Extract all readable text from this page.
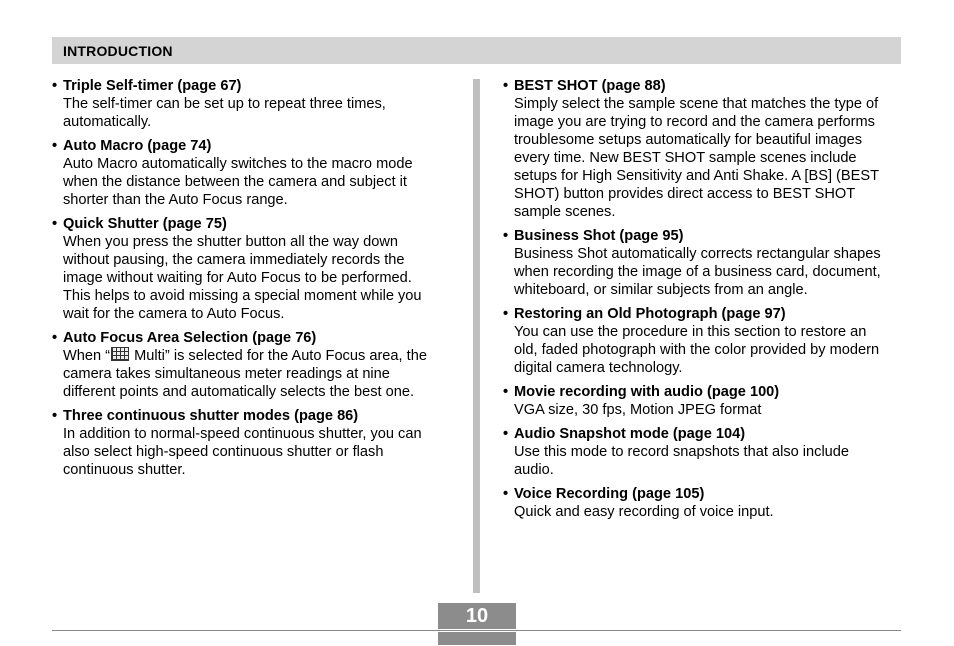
INTRODUCTION
• Triple Self-timer (page 67)
The self-timer can be set up to repeat three times,
automatically.
• Auto Macro (page 74)
Auto Macro automatically switches to the macro mode
when the distance between the camera and subject it
shorter than the Auto Focus range.
• Quick Shutter (page 75)
When you press the shutter button all the way down
without pausing, the camera immediately records the
image without waiting for Auto Focus to be performed.
This helps to avoid missing a special moment while you
wait for the camera to Auto Focus.
• Auto Focus Area Selection (page 76)
When “ Multi” is selected for the Auto Focus area, the
camera takes simultaneous meter readings at nine
different points and automatically selects the best one.
• Three continuous shutter modes (page 86)
In addition to normal-speed continuous shutter, you can
also select high-speed continuous shutter or flash
continuous shutter.
• BEST SHOT (page 88)
Simply select the sample scene that matches the type of
image you are trying to record and the camera performs
troublesome setups automatically for beautiful images
every time. New BEST SHOT sample scenes include
setups for High Sensitivity and Anti Shake. A [BS] (BEST
SHOT) button provides direct access to BEST SHOT
sample scenes.
• Business Shot (page 95)
Business Shot automatically corrects rectangular shapes
when recording the image of a business card, document,
whiteboard, or similar subjects from an angle.
• Restoring an Old Photograph (page 97)
You can use the procedure in this section to restore an
old, faded photograph with the color provided by modern
digital camera technology.
• Movie recording with audio (page 100)
VGA size, 30 fps, Motion JPEG format
• Audio Snapshot mode (page 104)
Use this mode to record snapshots that also include
audio.
• Voice Recording (page 105)
Quick and easy recording of voice input.
10
